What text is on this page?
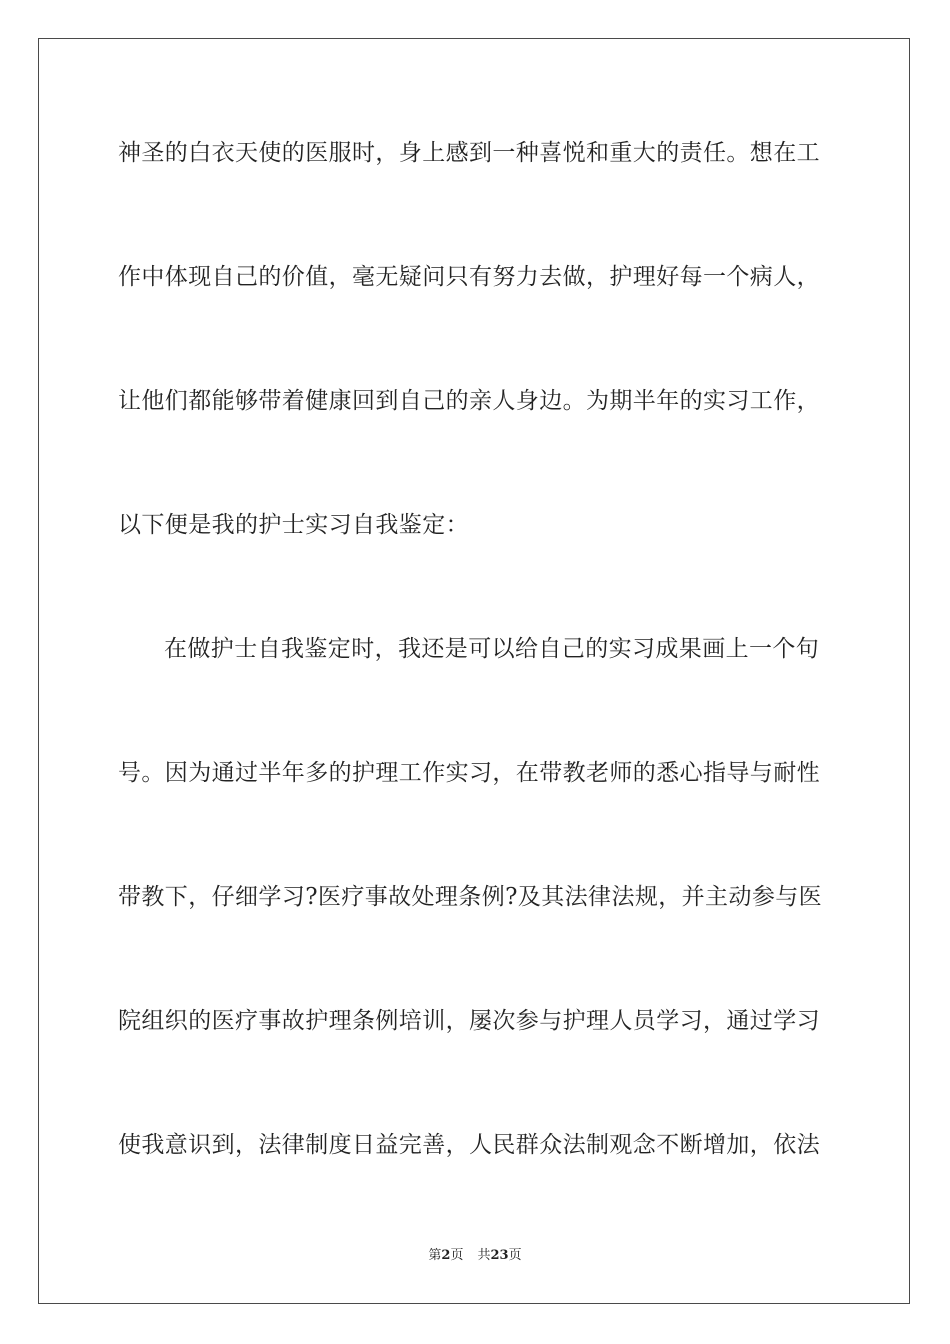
神圣的白衣天使的医服时，身上感到一种喜悦和重大的责任。想在工
作中体现自己的价值，毫无疑问只有努力去做，护理好每一个病人，
让他们都能够带着健康回到自己的亲人身边。为期半年的实习工作，
以下便是我的护士实习自我鉴定：
在做护士自我鉴定时，我还是可以给自己的实习成果画上一个句
号。因为通过半年多的护理工作实习，在带教老师的悉心指导与耐性
带教下，仔细学习?医疗事故处理条例?及其法律法规，并主动参与医
院组织的医疗事故护理条例培训，屡次参与护理人员学习，通过学习
使我意识到，法律制度日益完善，人民群众法制观念不断增加，依法
第2页 共23页
